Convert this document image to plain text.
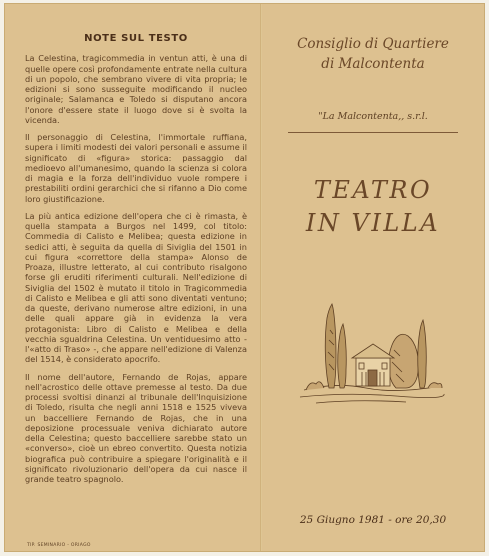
NOTE SUL TESTO

La Celestina, tragicommedia in ventun atti, è una di quelle opere così profondamente entrate nella cultura di un popolo, che sembrano vivere di vita propria; le edizioni si sono susseguite modificando il nucleo originale; Salamanca e Toledo si disputano ancora l'onore d'essere state il luogo dove si è svolta la vicenda.

Il personaggio di Celestina, l'immortale ruffiana, supera i limiti modesti dei valori personali e assume il significato di «figura» storica: passaggio dal medioevo all'umanesimo, quando la scienza si colora di magia e la forza dell'individuo vuole rompere i prestabiliti ordini gerarchici che si rifanno a Dio come loro giustificazione.

La più antica edizione dell'opera che ci è rimasta, è quella stampata a Burgos nel 1499, col titolo: Commedia di Calisto e Melibea; questa edizione in sedici atti, è seguita da quella di Siviglia del 1501 in cui figura «correttore della stampa» Alonso de Proaza, illustre letterato, al cui contributo risalgono forse gli eruditi riferimenti culturali. Nell'edizione di Siviglia del 1502 è mutato il titolo in Tragicommedia di Calisto e Melibea e gli atti sono diventati ventuno; da queste, derivano numerose altre edizioni, in una delle quali appare già in evidenza la vera protagonista: Libro di Calisto e Melibea e della vecchia sgualdrina Celestina. Un ventiduesimo atto - l'«atto di Traso» -, che appare nell'edizione di Valenza del 1514, è considerato apocrifo.

Il nome dell'autore, Fernando de Rojas, appare nell'acrostico delle ottave premesse al testo. Da due processi svoltisi dinanzi al tribunale dell'Inquisizione di Toledo, risulta che negli anni 1518 e 1525 viveva un baccelliere Fernando de Rojas, che in una deposizione processuale veniva dichiarato autore della Celestina; questo baccelliere sarebbe stato un «converso», cioè un ebreo convertito. Questa notizia biografica può contribuire a spiegare l'originalità e il significato rivoluzionario dell'opera da cui nasce il grande teatro spagnolo.

TIP. SEMINARIO - ORIAGO
Consiglio di Quartiere
di Malcontenta
"La Malcontenta,, s.r.l.
TEATRO
IN VILLA
25 Giugno 1981 - ore 20,30
